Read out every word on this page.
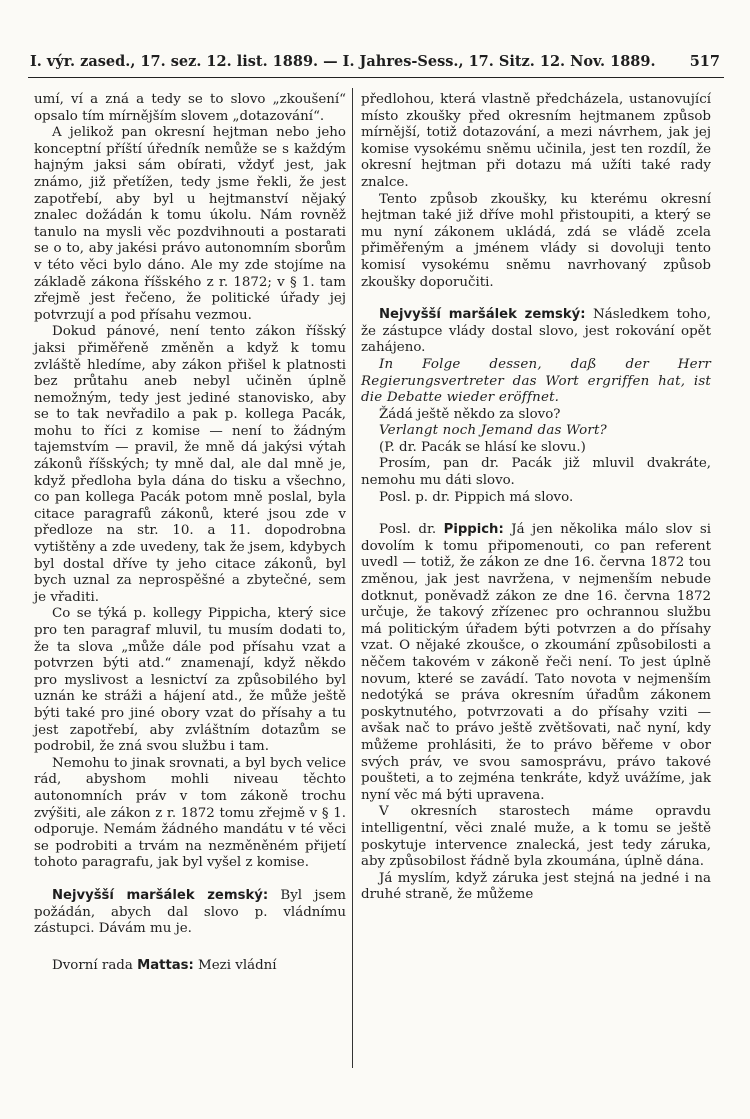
I. výr. zased., 17. sez. 12. list. 1889. — I. Jahres-Sess., 17. Sitz. 12. Nov. 1889. 517

umí, ví a zná a tedy se to slovo „zkoušení“ opsalo tím mírnějším slovem „dotazování“.

A jelikož pan okresní hejtman nebo jeho konceptní příští úředník nemůže se s každým hajným jaksi sám obírati, vždyť jest, jak známo, již přetížen, tedy jsme řekli, že jest zapotřebí, aby byl u hejtmanství nějaký znalec dožádán k tomu úkolu. Nám rovněž tanulo na mysli věc pozdvihnouti a postarati se o to, aby jakési právo autonomním sborům v této věci bylo dáno. Ale my zde stojíme na základě zákona říšského z r. 1872; v § 1. tam zřejmě jest řečeno, že politické úřady jej potvrzují a pod přísahu vezmou.

Dokud pánové, není tento zákon říšský jaksi přiměřeně změněn a když k tomu zvláště hledíme, aby zákon přišel k platnosti bez průtahu aneb nebyl učiněn úplně nemožným, tedy jest jediné stanovisko, aby se to tak nevřadilo a pak p. kollega Pacák, mohu to říci z komise — není to žádným tajemstvím — pravil, že mně dá jakýsi výtah zákonů říšských; ty mně dal, ale dal mně je, když předloha byla dána do tisku a všechno, co pan kollega Pacák potom mně poslal, byla citace paragrafů zákonů, které jsou zde v předloze na str. 10. a 11. dopodrobna vytištěny a zde uvedeny, tak že jsem, kdybych byl dostal dříve ty jeho citace zákonů, byl bych uznal za neprospěšné a zbytečné, sem je vřaditi.

Co se týká p. kollegy Pippicha, který sice pro ten paragraf mluvil, tu musím dodati to, že ta slova „může dále pod přísahu vzat a potvrzen býti atd.“ znamenají, když někdo pro myslivost a lesnictví za způsobilého byl uznán ke stráži a hájení atd., že může ještě býti také pro jiné obory vzat do přísahy a tu jest zapotřebí, aby zvláštním dotazům se podrobil, že zná svou službu i tam.

Nemohu to jinak srovnati, a byl bych velice rád, abyshom mohli niveau těchto autonomních práv v tom zákoně trochu zvýšiti, ale zákon z r. 1872 tomu zřejmě v § 1. odporuje. Nemám žádného mandátu v té věci se podrobiti a trvám na nezměněném přijetí tohoto paragrafu, jak byl vyšel z komise.

Nejvyšší maršálek zemský: Byl jsem požádán, abych dal slovo p. vládnímu zástupci. Dávám mu je.

Dvorní rada Mattas: Mezi vládní

předlohou, která vlastně předcházela, ustanovující místo zkoušky před okresním hejtmanem způsob mírnější, totiž dotazování, a mezi návrhem, jak jej komise vysokému sněmu učinila, jest ten rozdíl, že okresní hejtman při dotazu má užíti také rady znalce.

Tento způsob zkoušky, ku kterému okresní hejtman také již dříve mohl přistoupiti, a který se mu nyní zákonem ukládá, zdá se vládě zcela přiměřeným a jménem vlády si dovoluji tento komisí vysokému sněmu navrhovaný způsob zkoušky doporučiti.

Nejvyšší maršálek zemský: Následkem toho, že zástupce vlády dostal slovo, jest rokování opět zahájeno.

In Folge dessen, daß der Herr Regierungsvertreter das Wort ergriffen hat, ist die Debatte wieder eröffnet.

Žádá ještě někdo za slovo?

Verlangt noch Jemand das Wort?

(P. dr. Pacák se hlásí ke slovu.)

Prosím, pan dr. Pacák již mluvil dvakráte, nemohu mu dáti slovo.

Posl. p. dr. Pippich má slovo.

Posl. dr. Pippich: Já jen několika málo slov si dovolím k tomu připomenouti, co pan referent uvedl — totiž, že zákon ze dne 16. června 1872 tou změnou, jak jest navržena, v nejmenším nebude dotknut, poněvadž zákon ze dne 16. června 1872 určuje, že takový zřízenec pro ochrannou službu má politickým úřadem býti potvrzen a do přísahy vzat. O nějaké zkoušce, o zkoumání způsobilosti a něčem takovém v zákoně řeči není. To jest úplně novum, které se zavádí. Tato novota v nejmenším nedotýká se práva okresním úřadům zákonem poskytnutého, potvrzovati a do přísahy vziti — avšak nač to právo ještě zvětšovati, nač nyní, kdy můžeme prohlásiti, že to právo běřeme v obor svých práv, ve svou samosprávu, právo takové poušteti, a to zejména tenkráte, když uvážíme, jak nyní věc má býti upravena.

V okresních starostech máme opravdu intelligentní, věci znalé muže, a k tomu se ještě poskytuje intervence znalecká, jest tedy záruka, aby způsobilost řádně byla zkoumána, úplně dána.

Já myslím, když záruka jest stejná na jedné i na druhé straně, že můžeme
